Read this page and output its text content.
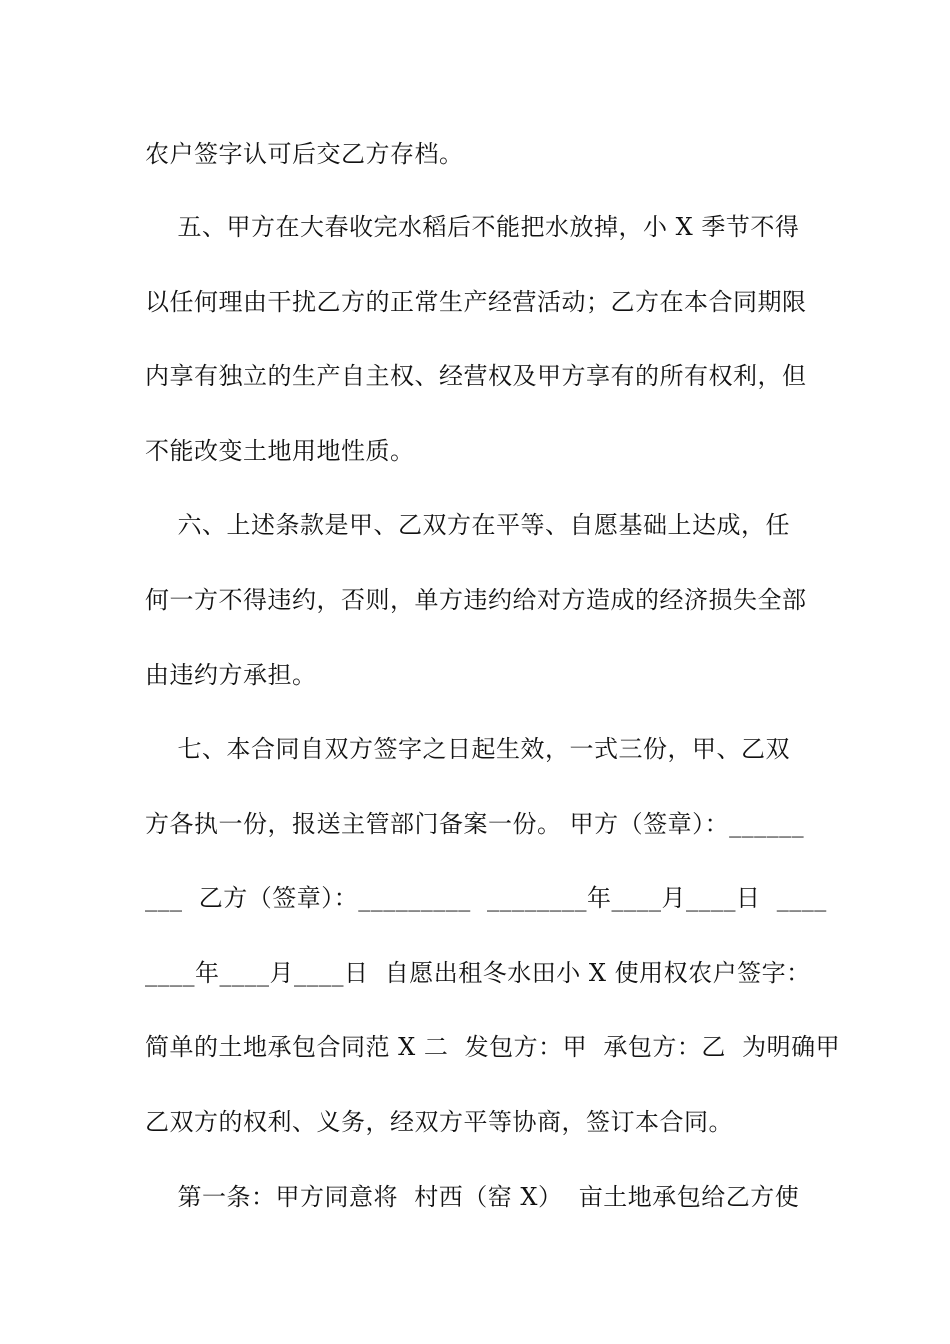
农户签字认可后交乙方存档。
五、甲方在大春收完水稻后不能把水放掉，小 X 季节不得
以任何理由干扰乙方的正常生产经营活动；乙方在本合同期限
内享有独立的生产自主权、经营权及甲方享有的所有权利，但
不能改变土地用地性质。
六、上述条款是甲、乙双方在平等、自愿基础上达成，任
何一方不得违约，否则，单方违约给对方造成的经济损失全部
由违约方承担。
七、本合同自双方签字之日起生效，一式三份，甲、乙双
方各执一份，报送主管部门备案一份。 甲方（签章）：______
___  乙方（签章）：_________  ________年____月____日  ____
____年____月____日  自愿出租冬水田小 X 使用权农户签字：
简单的土地承包合同范 X 二  发包方：甲  承包方：乙  为明确甲
乙双方的权利、义务，经双方平等协商，签订本合同。
第一条：甲方同意将  村西（窑 X）  亩土地承包给乙方使
